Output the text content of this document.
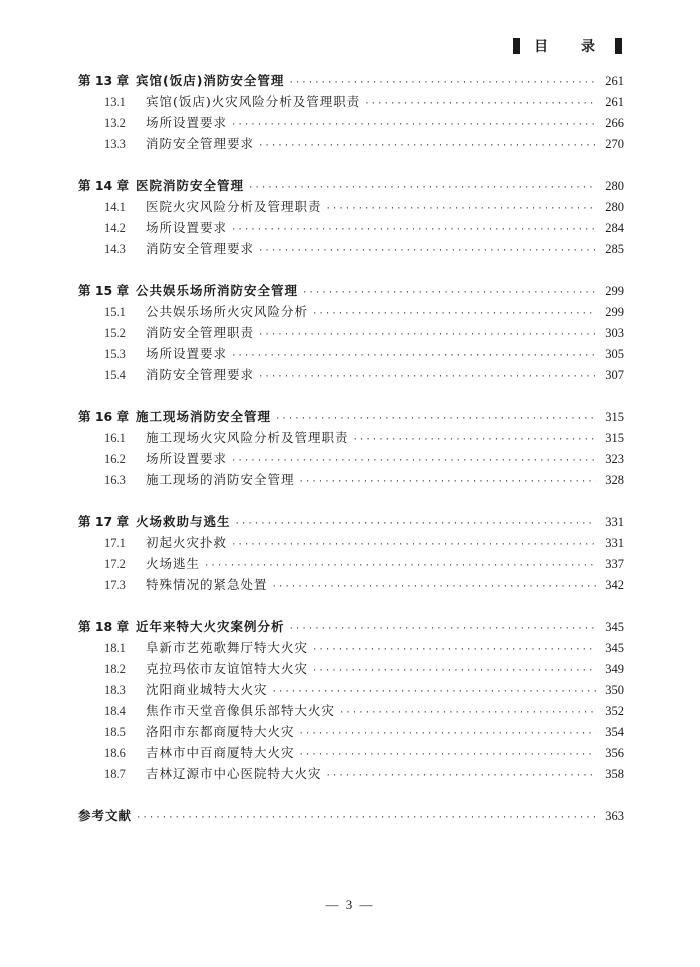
目 录
第 13 章 宾馆(饭店)消防安全管理 ·····	261
13.1	宾馆(饭店)火灾风险分析及管理职责 ·····	261
13.2	场所设置要求 ·····	266
13.3	消防安全管理要求 ·····	270
第 14 章 医院消防安全管理 ·····	280
14.1	医院火灾风险分析及管理职责 ·····	280
14.2	场所设置要求 ·····	284
14.3	消防安全管理要求 ·····	285
第 15 章 公共娱乐场所消防安全管理 ·····	299
15.1	公共娱乐场所火灾风险分析 ·····	299
15.2	消防安全管理职责 ·····	303
15.3	场所设置要求 ·····	305
15.4	消防安全管理要求 ·····	307
第 16 章 施工现场消防安全管理 ·····	315
16.1	施工现场火灾风险分析及管理职责 ·····	315
16.2	场所设置要求 ·····	323
16.3	施工现场的消防安全管理 ·····	328
第 17 章 火场救助与逃生 ·····	331
17.1	初起火灾扑救 ·····	331
17.2	火场逃生 ·····	337
17.3	特殊情况的紧急处置 ·····	342
第 18 章 近年来特大火灾案例分析 ·····	345
18.1	阜新市艺苑歌舞厅特大火灾 ·····	345
18.2	克拉玛依市友谊馆特大火灾 ·····	349
18.3	沈阳商业城特大火灾 ·····	350
18.4	焦作市天堂音像俱乐部特大火灾 ·····	352
18.5	洛阳市东都商厦特大火灾 ·····	354
18.6	吉林市中百商厦特大火灾 ·····	356
18.7	吉林辽源市中心医院特大火灾 ·····	358
参考文献 ·····	363
— 3 —
